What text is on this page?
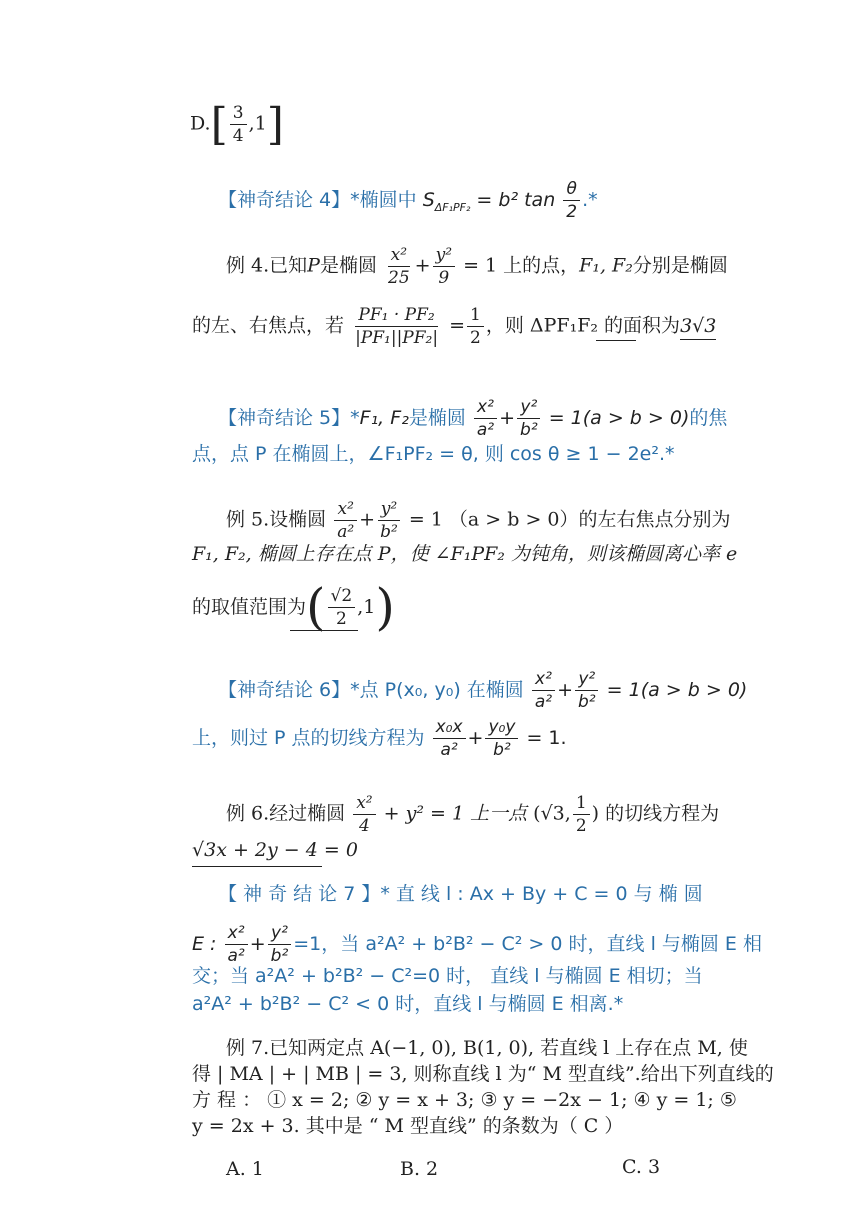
$D.[ \frac{3}{4} ,1]$
【神奇结论 4】*椭圆中 $S_{\Delta F_1PF_2} = b^2$ $\tan \frac{\theta}{2}$ .*
例 4.已知P是椭圆 $\frac{\text{x²}}{25} + \frac{\text{y²}}{9} = 1$ 上的点，F₁, F₂分别是椭圆
的左、右焦点，若 $\frac{\text{PF₁ · PF₂}}{\text{|PF₁||PF₂|}} = \frac{1}{2}$ ，则 ΔPF₁F₂ 的面积为3√3
【神奇结论 5】*F₁, F₂是椭圆 $\frac{\text{x²}}{\text{a²}} + \frac{\text{y²}}{\text{b²}} = 1(a > b > 0)$的焦
点，点 P 在椭圆上，∠F₁PF₂ = θ, 则 cos θ ≥ 1 − 2e².*
例 5.设椭圆 $\frac{\text{x²}}{\text{a²}} + \frac{\text{y²}}{\text{b²}} = 1$ （a > b > 0）的左右焦点分别为
F₁, F₂, 椭圆上存在点 P，使 ∠F₁PF₂ 为钝角，则该椭圆离心率 e
的取值范围为( $\frac{√2}{2} ,1$)
【神奇结论 6】*点 P(x₀, y₀) 在椭圆 $\frac{\text{x²}}{\text{a²}} + \frac{\text{y²}}{\text{b²}} = 1(a > b > 0)$
上，则过 P 点的切线方程为 $\frac{\text{x₀x}}{\text{a²}} + \frac{\text{y₀y}}{\text{b²}} = 1$.
例 6.经过椭圆 $\frac{\text{x²}}{4} + y^2 = 1$ 上一点 (√3, $\frac{1}{2}$ ) 的切线方程为
√3x + 2y − 4 = 0
【 神 奇 结 论 7 】* 直 线 l : Ax + By + C = 0 与 椭 圆
E : $\frac{\text{x²}}{\text{a²}} + \frac{\text{y²}}{\text{b²}} =1$，当 a²A² + b²B² − C² > 0 时，直线 l 与椭圆 E 相
交；当 a²A² + b²B² − C²=0 时， 直线 l 与椭圆 E 相切；当
a²A² + b²B² − C² < 0 时，直线 l 与椭圆 E 相离.*
例 7.已知两定点 A(−1, 0), B(1, 0), 若直线 l 上存在点 M, 使
得 | MA | + | MB | = 3, 则称直线 l 为“ M 型直线”.给出下列直线的
方 程 ： ① x = 2; ② y = x + 3; ③ y = −2x − 1; ④ y = 1; ⑤
y = 2x + 3. 其中是 “ M 型直线” 的条数为（ C ）
A. 1	B. 2	C. 3
